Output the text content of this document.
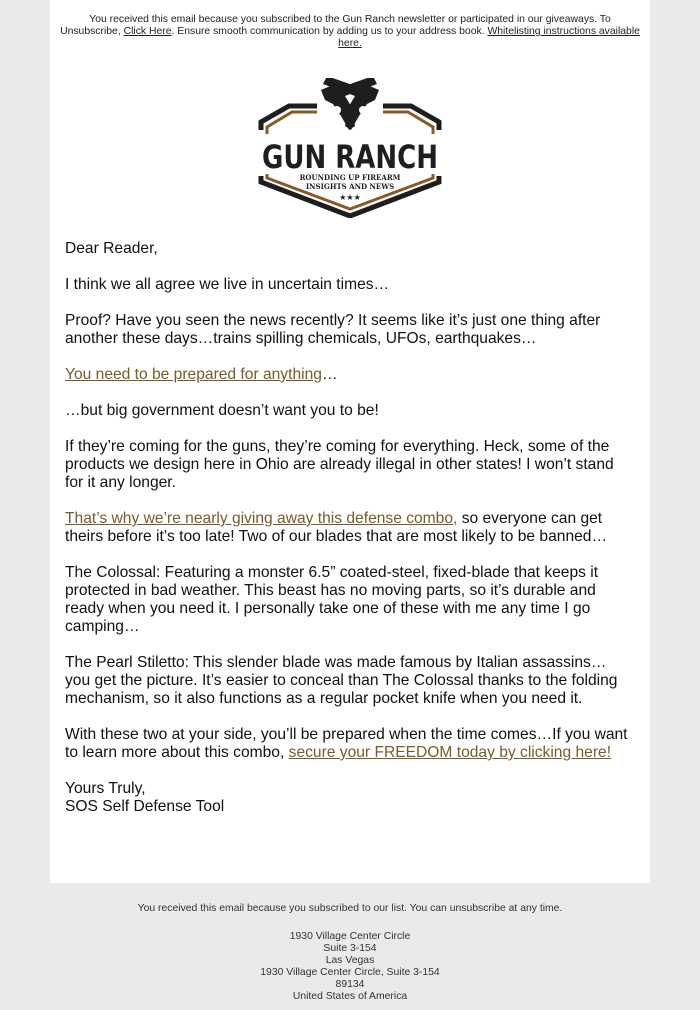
You received this email because you subscribed to the Gun Ranch newsletter or participated in our giveaways. To Unsubscribe, Click Here. Ensure smooth communication by adding us to your address book. Whitelisting instructions available here.
GUN RANCH
ROUNDING UP FIREARM
INSIGHTS AND NEWS
★★★

Dear Reader,

I think we all agree we live in uncertain times…

Proof? Have you seen the news recently? It seems like it’s just one thing after another these days…trains spilling chemicals, UFOs, earthquakes…

You need to be prepared for anything…

…but big government doesn’t want you to be!

If they’re coming for the guns, they’re coming for everything. Heck, some of the products we design here in Ohio are already illegal in other states! I won’t stand for it any longer.

That’s why we’re nearly giving away this defense combo, so everyone can get theirs before it’s too late! Two of our blades that are most likely to be banned…

The Colossal: Featuring a monster 6.5” coated-steel, fixed-blade that keeps it protected in bad weather. This beast has no moving parts, so it’s durable and ready when you need it. I personally take one of these with me any time I go camping…

The Pearl Stiletto: This slender blade was made famous by Italian assassins…you get the picture. It’s easier to conceal than The Colossal thanks to the folding mechanism, so it also functions as a regular pocket knife when you need it.

With these two at your side, you’ll be prepared when the time comes…If you want to learn more about this combo, secure your FREEDOM today by clicking here!

Yours Truly,
SOS Self Defense Tool

You received this email because you subscribed to our list. You can unsubscribe at any time.
1930 Village Center Circle
Suite 3-154
Las Vegas
1930 Village Center Circle, Suite 3-154
89134
United States of America
